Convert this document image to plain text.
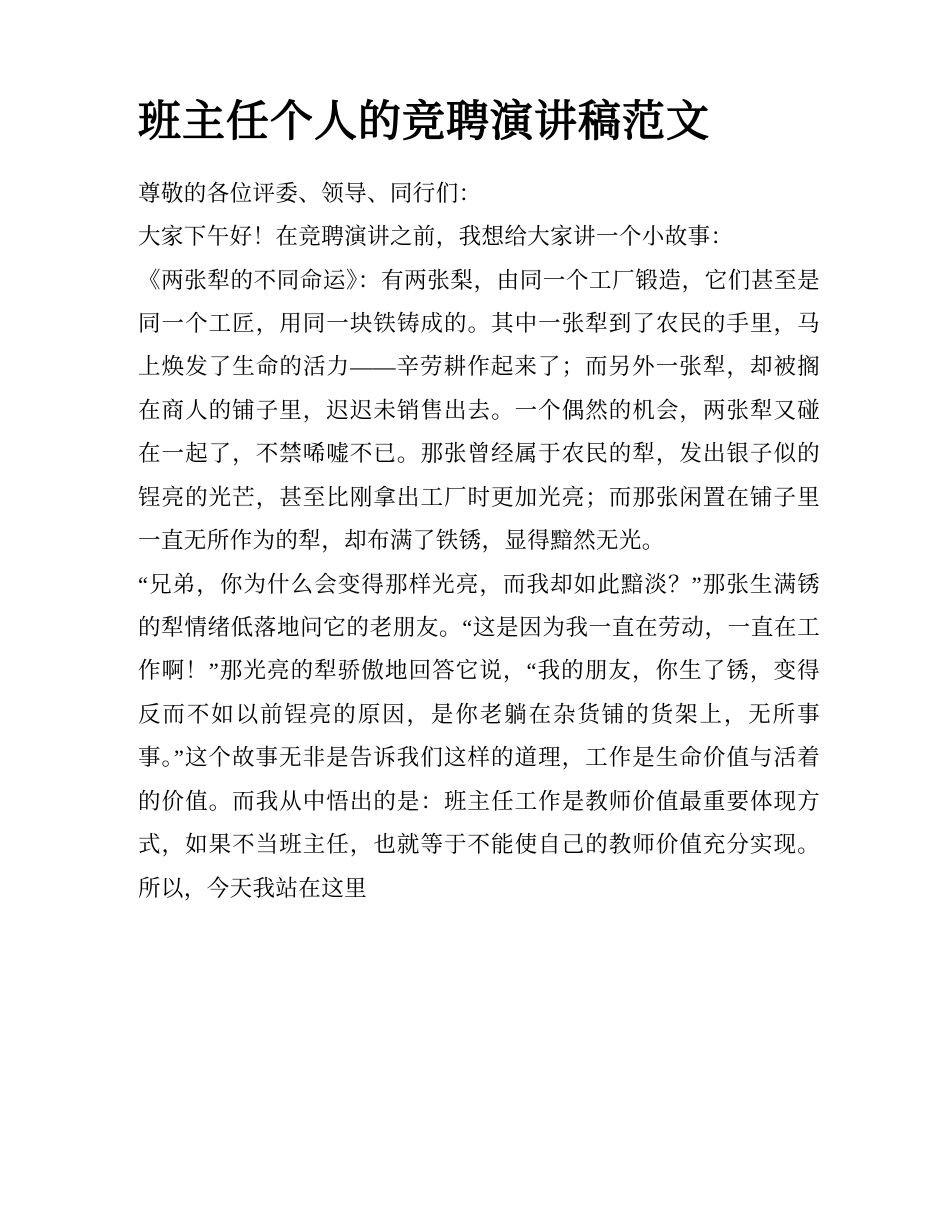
班主任个人的竞聘演讲稿范文

尊敬的各位评委、领导、同行们：

大家下午好！在竞聘演讲之前，我想给大家讲一个小故事：

《两张犁的不同命运》：有两张梨，由同一个工厂锻造，它们甚至是同一个工匠，用同一块铁铸成的。其中一张犁到了农民的手里，马上焕发了生命的活力——辛劳耕作起来了；而另外一张犁，却被搁在商人的铺子里，迟迟未销售出去。一个偶然的机会，两张犁又碰在一起了，不禁唏嘘不已。那张曾经属于农民的犁，发出银子似的锃亮的光芒，甚至比刚拿出工厂时更加光亮；而那张闲置在铺子里一直无所作为的犁，却布满了铁锈，显得黯然无光。

“兄弟，你为什么会变得那样光亮，而我却如此黯淡？”那张生满锈的犁情绪低落地问它的老朋友。“这是因为我一直在劳动，一直在工作啊！”那光亮的犁骄傲地回答它说，“我的朋友，你生了锈，变得反而不如以前锃亮的原因，是你老躺在杂货铺的货架上，无所事事。”这个故事无非是告诉我们这样的道理，工作是生命价值与活着的价值。而我从中悟出的是：班主任工作是教师价值最重要体现方式，如果不当班主任，也就等于不能使自己的教师价值充分实现。所以，今天我站在这里
